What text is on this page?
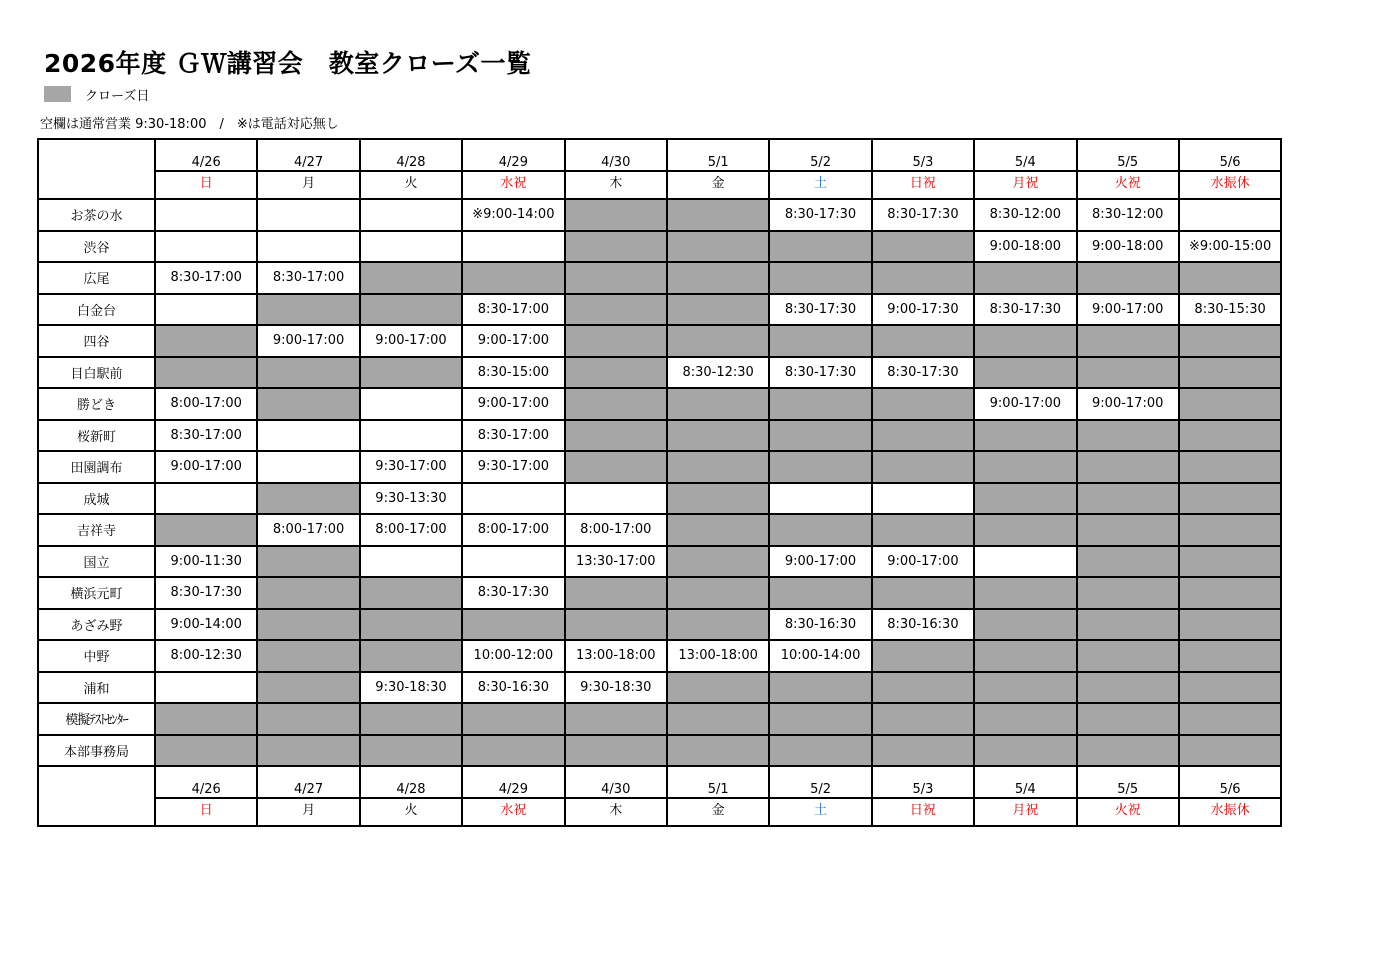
2026年度 ＧＷ講習会　教室クローズ一覧
クローズ日
空欄は通常営業 9:30-18:00　/　※は電話対応無し
	4/26	4/27	4/28	4/29	4/30	5/1	5/2	5/3	5/4	5/5	5/6
	日	月	火	水祝	木	金	土	日祝	月祝	火祝	水振休
お茶の水				※9:00-14:00			8:30-17:30	8:30-17:30	8:30-12:00	8:30-12:00	
渋谷									9:00-18:00	9:00-18:00	※9:00-15:00
広尾	8:30-17:00	8:30-17:00									
白金台				8:30-17:00			8:30-17:30	9:00-17:30	8:30-17:30	9:00-17:00	8:30-15:30
四谷		9:00-17:00	9:00-17:00	9:00-17:00							
目白駅前				8:30-15:00		8:30-12:30	8:30-17:30	8:30-17:30			
勝どき	8:00-17:00			9:00-17:00					9:00-17:00	9:00-17:00	
桜新町	8:30-17:00			8:30-17:00							
田園調布	9:00-17:00		9:30-17:00	9:30-17:00							
成城			9:30-13:30								
吉祥寺		8:00-17:00	8:00-17:00	8:00-17:00	8:00-17:00						
国立	9:00-11:30				13:30-17:00		9:00-17:00	9:00-17:00			
横浜元町	8:30-17:30			8:30-17:30							
あざみ野	9:00-14:00						8:30-16:30	8:30-16:30			
中野	8:00-12:30			10:00-12:00	13:00-18:00	13:00-18:00	10:00-14:00				
浦和			9:30-18:30	8:30-16:30	9:30-18:30						
模擬ﾃｽﾄｾﾝﾀｰ											
本部事務局											
	4/26	4/27	4/28	4/29	4/30	5/1	5/2	5/3	5/4	5/5	5/6
	日	月	火	水祝	木	金	土	日祝	月祝	火祝	水振休
